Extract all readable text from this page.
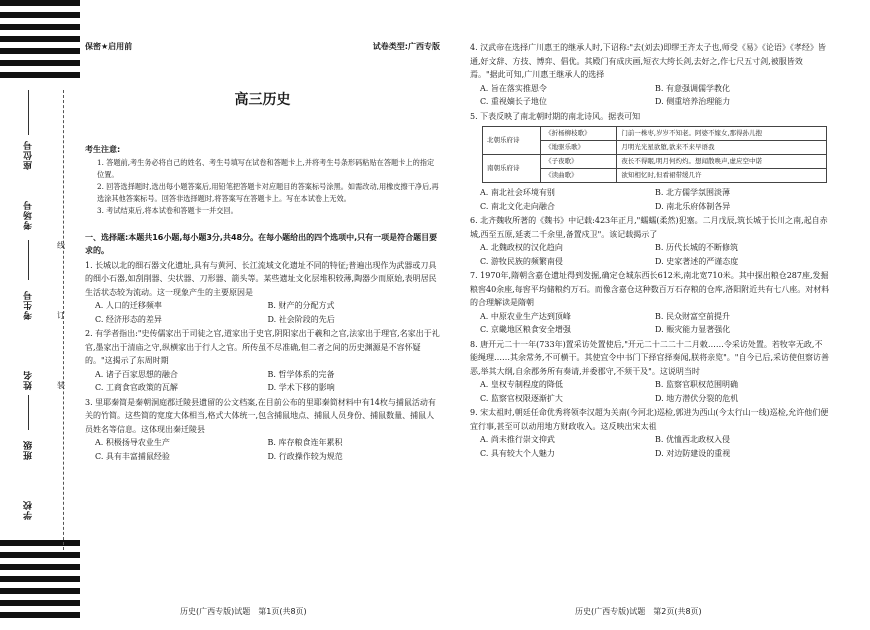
座位号
考场号
考生号
姓名
班级
学校
线
订
装
保密★启用前	试卷类型:广西专版
高三历史
考生注意:
1. 答题前,考生务必将自己的姓名、考生号填写在试卷和答题卡上,并将考生号条形码粘贴在答题卡上的指定位置。
2. 回答选择题时,选出每小题答案后,用铅笔把答题卡对应题目的答案标号涂黑。如需改动,用橡皮擦干净后,再选涂其他答案标号。回答非选择题时,将答案写在答题卡上。写在本试卷上无效。
3. 考试结束后,将本试卷和答题卡一并交回。
一、选择题:本题共16小题,每小题3分,共48分。在每小题给出的四个选项中,只有一项是符合题目要求的。
1. 长城以北的细石器文化遗址,具有与黄河、长江流域文化遗址不同的特征;普遍出现作为武器或刀具的细小石器,如刮削器、尖状器、刀形器、箭头等。某些遗址文化层堆积较薄,陶器少而原始,表明居民生活状态较为流动。这一现象产生的主要原因是
A. 人口的迁移频率	B. 财产的分配方式
C. 经济形态的差异	D. 社会阶段的先后
2. 有学者指出:"史传儒家出于司徒之官,道家出于史官,阴阳家出于羲和之官,法家出于理官,名家出于礼官,墨家出于清庙之守,纵横家出于行人之官。所传虽不尽准确,但二者之间的历史渊源是不容怀疑的。"这揭示了东周时期
A. 诸子百家思想的融合	B. 哲学体系的完备
C. 工商食官政策的瓦解	D. 学术下移的影响
3. 里耶秦简是秦朝洞庭郡迁陵县遗留的公文档案,在目前公布的里耶秦简材料中有14枚与捕鼠活动有关的竹简。这些简的宽度大体相当,格式大体统一,包含捕鼠地点、捕鼠人员身份、捕鼠数量、捕鼠人员姓名等信息。这体现出秦迁陵县
A. 积极扬导农业生产	B. 库存粮食连年累积
C. 具有丰富捕鼠经验	D. 行政操作较为规范
历史(广西专版)试题　第1页(共8页)
4. 汉武帝在选择广川惠王的继承人时,下诏称:"去(刘去)即缪王齐太子也,师受《易》《论语》《孝经》皆通,好文辞、方技、博弈、倡优。其殿门有成庆画,短衣大绔长剑,去好之,作七尺五寸剑,被服皆效焉。"据此可知,广川惠王继承人的选择
A. 旨在落实推恩令	B. 有意强调儒学教化
C. 重视嫡长子地位	D. 侧重培养治理能力
5. 下表反映了南北朝时期的南北诗风。据表可知
北朝乐府诗	《折杨柳枝歌》	门前一株枣,岁岁不知老。阿婆不嫁女,那得孙儿抱
	《地驱乐歌》	月明光光星欲堕,欲来不来早语我
南朝乐府诗	《子夜歌》	夜长不得眠,明月何灼灼。想闻散唤声,虚应空中诺
	《读曲歌》	欲知相忆时,但看裙带缓几许
A. 南北社会环境有别	B. 北方儒学氛围淡薄
C. 南北文化走向融合	D. 南北乐府体制各异
6. 北齐魏收所著的《魏书》中记载:423年正月,"蠕蠕(柔然)犯塞。二月戊辰,筑长城于长川之南,起自赤城,西至五原,延袤二千余里,备置戍卫"。该记载揭示了
A. 北魏政权的汉化趋向	B. 历代长城的不断修筑
C. 游牧民族的频繁南侵	D. 史家著述的严谨态度
7. 1970年,隋朝含嘉仓遗址得到发掘,确定仓城东西长612米,南北宽710米。其中探出粮仓287座,发掘粮窖40余座,每窖平均储粮约万石。而像含嘉仓这种数百万石存粮的仓库,洛阳附近共有七八座。对材料的合理解读是隋朝
A. 中原农业生产达到顶峰	B. 民众财富空前提升
C. 京畿地区粮食安全增强	D. 赈灾能力显著强化
8. 唐开元二十一年(733年)置采访处置使后,"开元二十二二十二月敕……令采访处置。若牧宰无政,不能绳理……其余常务,不可横干。其使宜令中书门下择官择奏闻,朕将亲览"。"自今已后,采访使但察访善恶,举其大纲,自余郡务所有奏请,并委郡守,不须干及"。这说明当时
A. 皇权专制程度的降低	B. 监察官职权范围明确
C. 监察官权限逐渐扩大	D. 地方潜伏分裂的危机
9. 宋太祖时,朝廷任命优秀将领李汉超为关南(今河北)巡检,郭进为西山(今太行山一线)巡检,允许他们便宜行事,甚至可以动用地方财政收入。这反映出宋太祖
A. 尚未推行崇文抑武	B. 优恤西北政权入侵
C. 具有较大个人魅力	D. 对边防建设的重视
历史(广西专版)试题　第2页(共8页)
